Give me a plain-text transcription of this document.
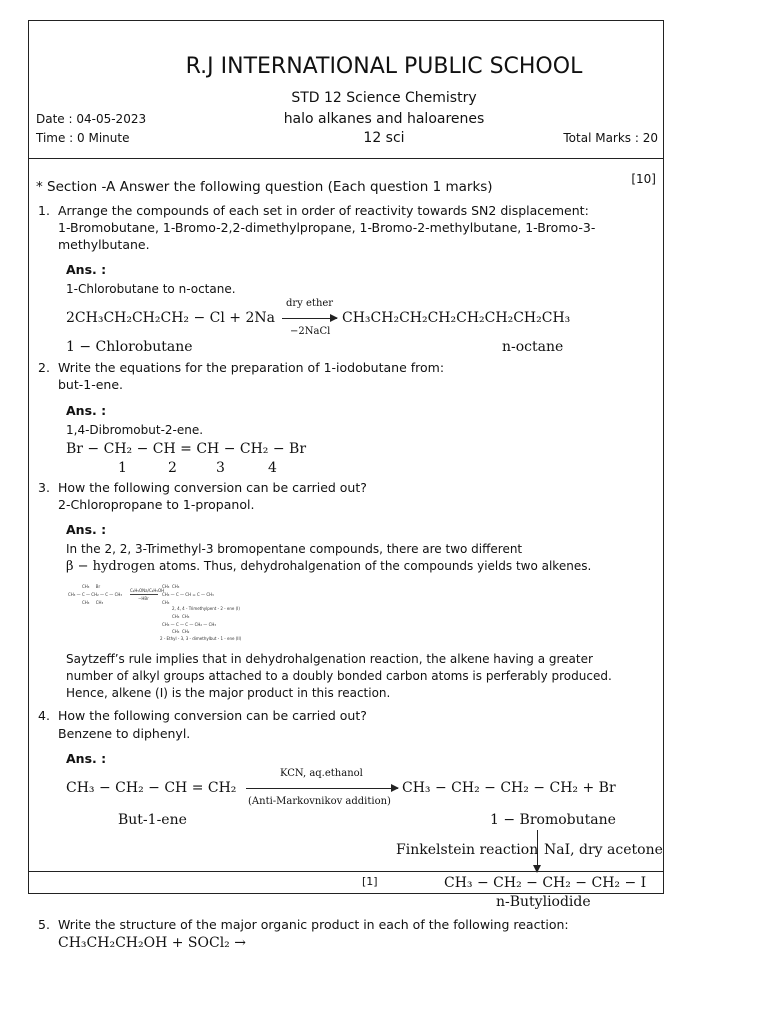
R.J INTERNATIONAL PUBLIC SCHOOL
STD 12 Science Chemistry
halo alkanes and haloarenes
12 sci
Date : 04-05-2023
Time : 0 Minute	Total Marks : 20
* Section -A Answer the following question (Each question 1 marks)	[10]
1. Arrange the compounds of each set in order of reactivity towards SN2 displacement:
1-Bromobutane, 1-Bromo-2,2-dimethylpropane, 1-Bromo-2-methylbutane, 1-Bromo-3-
methylbutane.
Ans. :
1-Chlorobutane to n-octane.
2CH₃CH₂CH₂CH₂ − Cl + 2Na
dry ether
−2NaCl
CH₃CH₂CH₂CH₂CH₂CH₂CH₂CH₃
1 − Chlorobutane	n-octane
2. Write the equations for the preparation of 1-iodobutane from:
but-1-ene.
Ans. :
1,4-Dibromobut-2-ene.
Br − CH₂ − CH = CH − CH₂ − Br
1	2	3	4
3. How the following conversion can be carried out?
2-Chloropropane to 1-propanol.
Ans. :
In the 2, 2, 3-Trimethyl-3 bromopentane compounds, there are two different
β − hydrogen atoms. Thus, dehydrohalgenation of the compounds yields two alkenes.
CH₃ — C — CH₂ — C — CH₃
CH₃     Br
CH₃     CH₃
C₂H₅ONa/C₂H₅OH
−HBr
CH₃  CH₃
CH₃ — C — CH = C — CH₃
CH₃
2, 4, 4 - Trimethylpent - 2 - ene (I)
CH₃  CH₃
CH₃ — C — C — CH₂ — CH₃
CH₃  CH₂
2 - Ethyl - 3, 3 - dimethylbut - 1 - ene (II)
Saytzeff’s rule implies that in dehydrohalgenation reaction, the alkene having a greater
number of alkyl groups attached to a doubly bonded carbon atoms is perferably produced.
Hence, alkene (I) is the major product in this reaction.
4. How the following conversion can be carried out?
Benzene to diphenyl.
Ans. :
CH₃ − CH₂ − CH = CH₂
KCN, aq.ethanol
(Anti-Markovnikov addition)
CH₃ − CH₂ − CH₂ − CH₂ + Br
But-1-ene	1 − Bromobutane
Finkelstein reaction NaI, dry acetone
CH₃ − CH₂ − CH₂ − CH₂ − I
n-Butyliodide
[1]
5. Write the structure of the major organic product in each of the following reaction:
CH₃CH₂CH₂OH + SOCl₂ →
